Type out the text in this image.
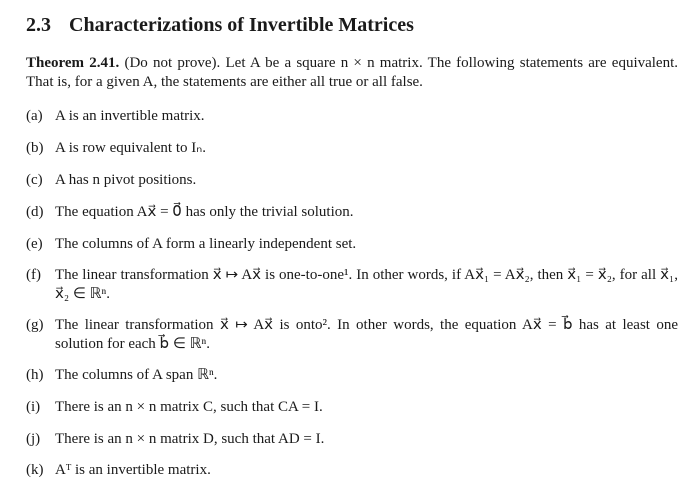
2.3 Characterizations of Invertible Matrices

Theorem 2.41. (Do not prove). Let A be a square n × n matrix. The following statements are equivalent. That is, for a given A, the statements are either all true or all false.

(a) A is an invertible matrix.
(b) A is row equivalent to Iₙ.
(c) A has n pivot positions.
(d) The equation Ax⃗ = 0⃗ has only the trivial solution.
(e) The columns of A form a linearly independent set.
(f) The linear transformation x⃗ ↦ Ax⃗ is one-to-one¹. In other words, if Ax⃗₁ = Ax⃗₂, then x⃗₁ = x⃗₂, for all x⃗₁, x⃗₂ ∈ ℝⁿ.
(g) The linear transformation x⃗ ↦ Ax⃗ is onto². In other words, the equation Ax⃗ = b⃗ has at least one solution for each b⃗ ∈ ℝⁿ.
(h) The columns of A span ℝⁿ.
(i) There is an n × n matrix C, such that CA = I.
(j) There is an n × n matrix D, such that AD = I.
(k) Aᵀ is an invertible matrix.
